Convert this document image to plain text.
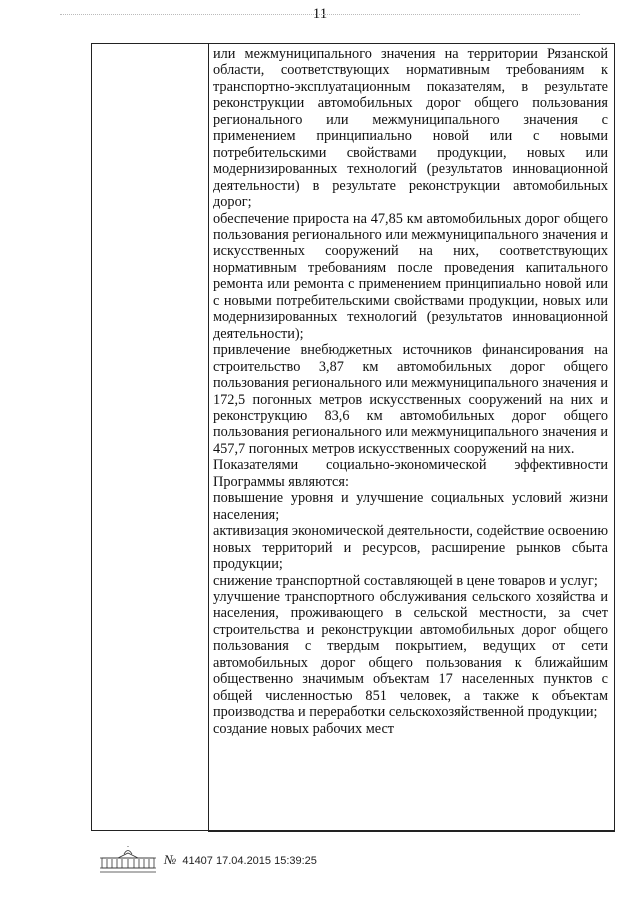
11

или межмуниципального значения на территории Рязанской области, соответствующих нормативным требованиям к транспортно-эксплуатационным показателям, в результате реконструкции автомобильных дорог общего пользования регионального или межмуниципального значения с применением принципиально новой или с новыми потребительскими свойствами продукции, новых или модернизированных технологий (результатов инновационной деятельности) в результате реконструкции автомобильных дорог;

обеспечение прироста на 47,85 км автомобильных дорог общего пользования регионального или межмуниципального значения и искусственных сооружений на них, соответствующих нормативным требованиям после проведения капитального ремонта или ремонта с применением принципиально новой или с новыми потребительскими свойствами продукции, новых или модернизированных технологий (результатов инновационной деятельности);

привлечение внебюджетных источников финансирования на строительство 3,87 км автомобильных дорог общего пользования регионального или межмуниципального значения и 172,5 погонных метров искусственных сооружений на них и реконструкцию 83,6 км автомобильных дорог общего пользования регионального или межмуниципального значения и 457,7 погонных метров искусственных сооружений на них.

Показателями социально-экономической эффективности Программы являются:

повышение уровня и улучшение социальных условий жизни населения;

активизация экономической деятельности, содействие освоению новых территорий и ресурсов, расширение рынков сбыта продукции;

снижение транспортной составляющей в цене товаров и услуг;

улучшение транспортного обслуживания сельского хозяйства и населения, проживающего в сельской местности, за счет строительства и реконструкции автомобильных дорог общего пользования с твердым покрытием, ведущих от сети автомобильных дорог общего пользования к ближайшим общественно значимым объектам 17 населенных пунктов с общей численностью 851 человек, а также к объектам производства и переработки сельскохозяйственной продукции;

создание новых рабочих мест

№ 41407 17.04.2015 15:39:25
